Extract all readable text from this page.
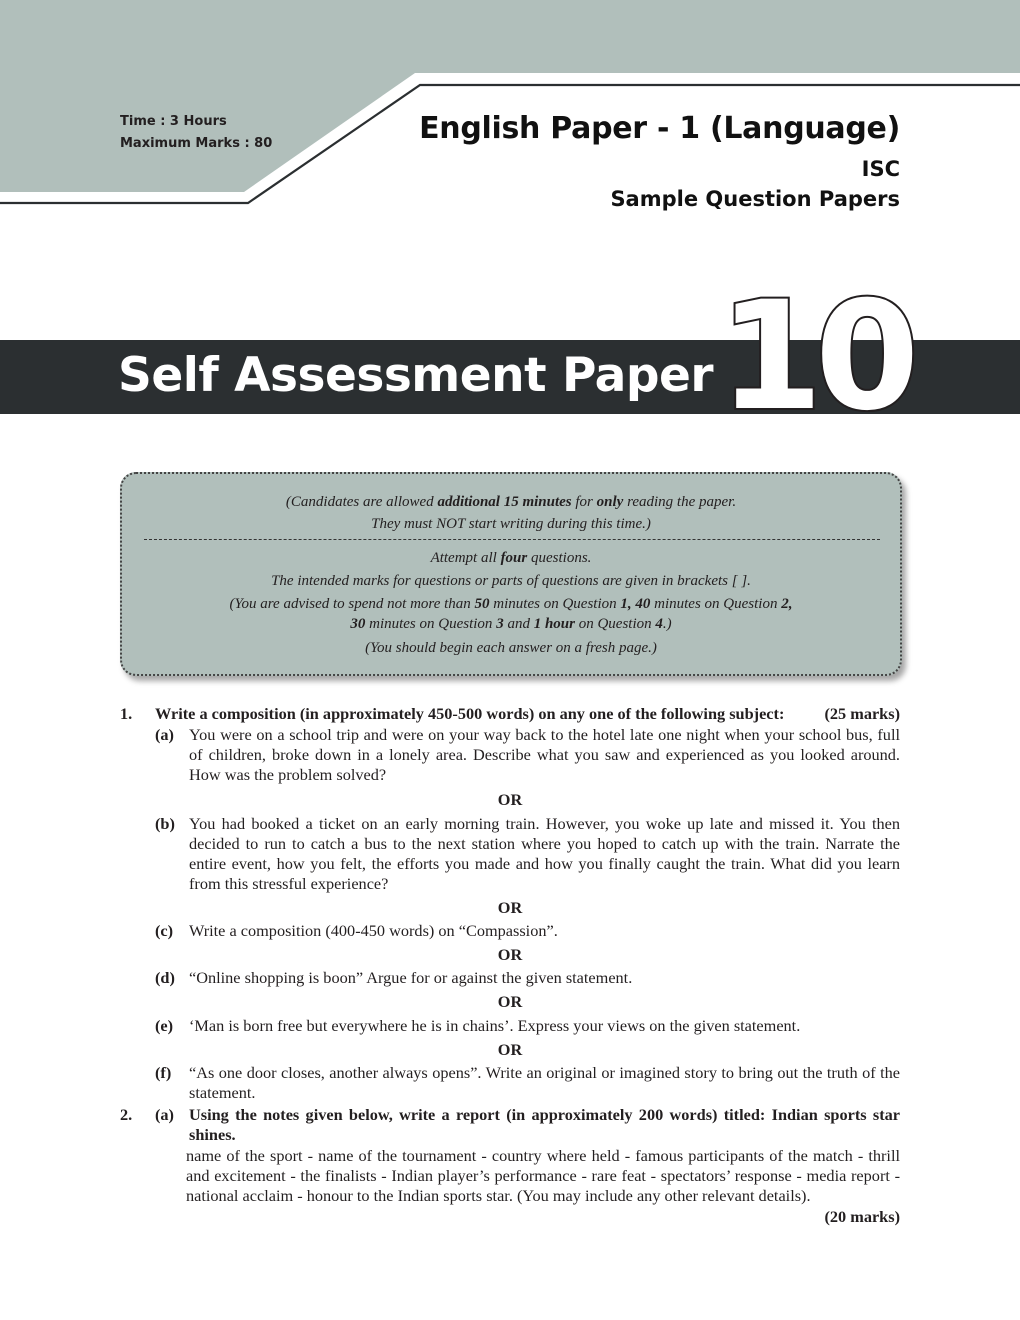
Time : 3 Hours
Maximum Marks : 80	English Paper - 1 (Language)
ISC
Sample Question Papers
Self Assessment Paper 10
(Candidates are allowed additional 15 minutes for only reading the paper.
They must NOT start writing during this time.)
Attempt all four questions.
The intended marks for questions or parts of questions are given in brackets [ ].
(You are advised to spend not more than 50 minutes on Question 1, 40 minutes on Question 2,
30 minutes on Question 3 and 1 hour on Question 4.)
(You should begin each answer on a fresh page.)
1. Write a composition (in approximately 450-500 words) on any one of the following subject:	(25 marks)
(a) You were on a school trip and were on your way back to the hotel late one night when your school bus, full of children, broke down in a lonely area. Describe what you saw and experienced as you looked around. How was the problem solved?
OR
(b) You had booked a ticket on an early morning train. However, you woke up late and missed it. You then decided to run to catch a bus to the next station where you hoped to catch up with the train. Narrate the entire event, how you felt, the efforts you made and how you finally caught the train. What did you learn from this stressful experience?
OR
(c) Write a composition (400-450 words) on “Compassion”.
OR
(d) “Online shopping is boon” Argue for or against the given statement.
OR
(e) ‘Man is born free but everywhere he is in chains’. Express your views on the given statement.
OR
(f) “As one door closes, another always opens”. Write an original or imagined story to bring out the truth of the statement.
2. (a) Using the notes given below, write a report (in approximately 200 words) titled: Indian sports star shines.
name of the sport - name of the tournament - country where held - famous participants of the match - thrill and excitement - the finalists - Indian player’s performance - rare feat - spectators’ response - media report - national acclaim - honour to the Indian sports star. (You may include any other relevant details).
(20 marks)
